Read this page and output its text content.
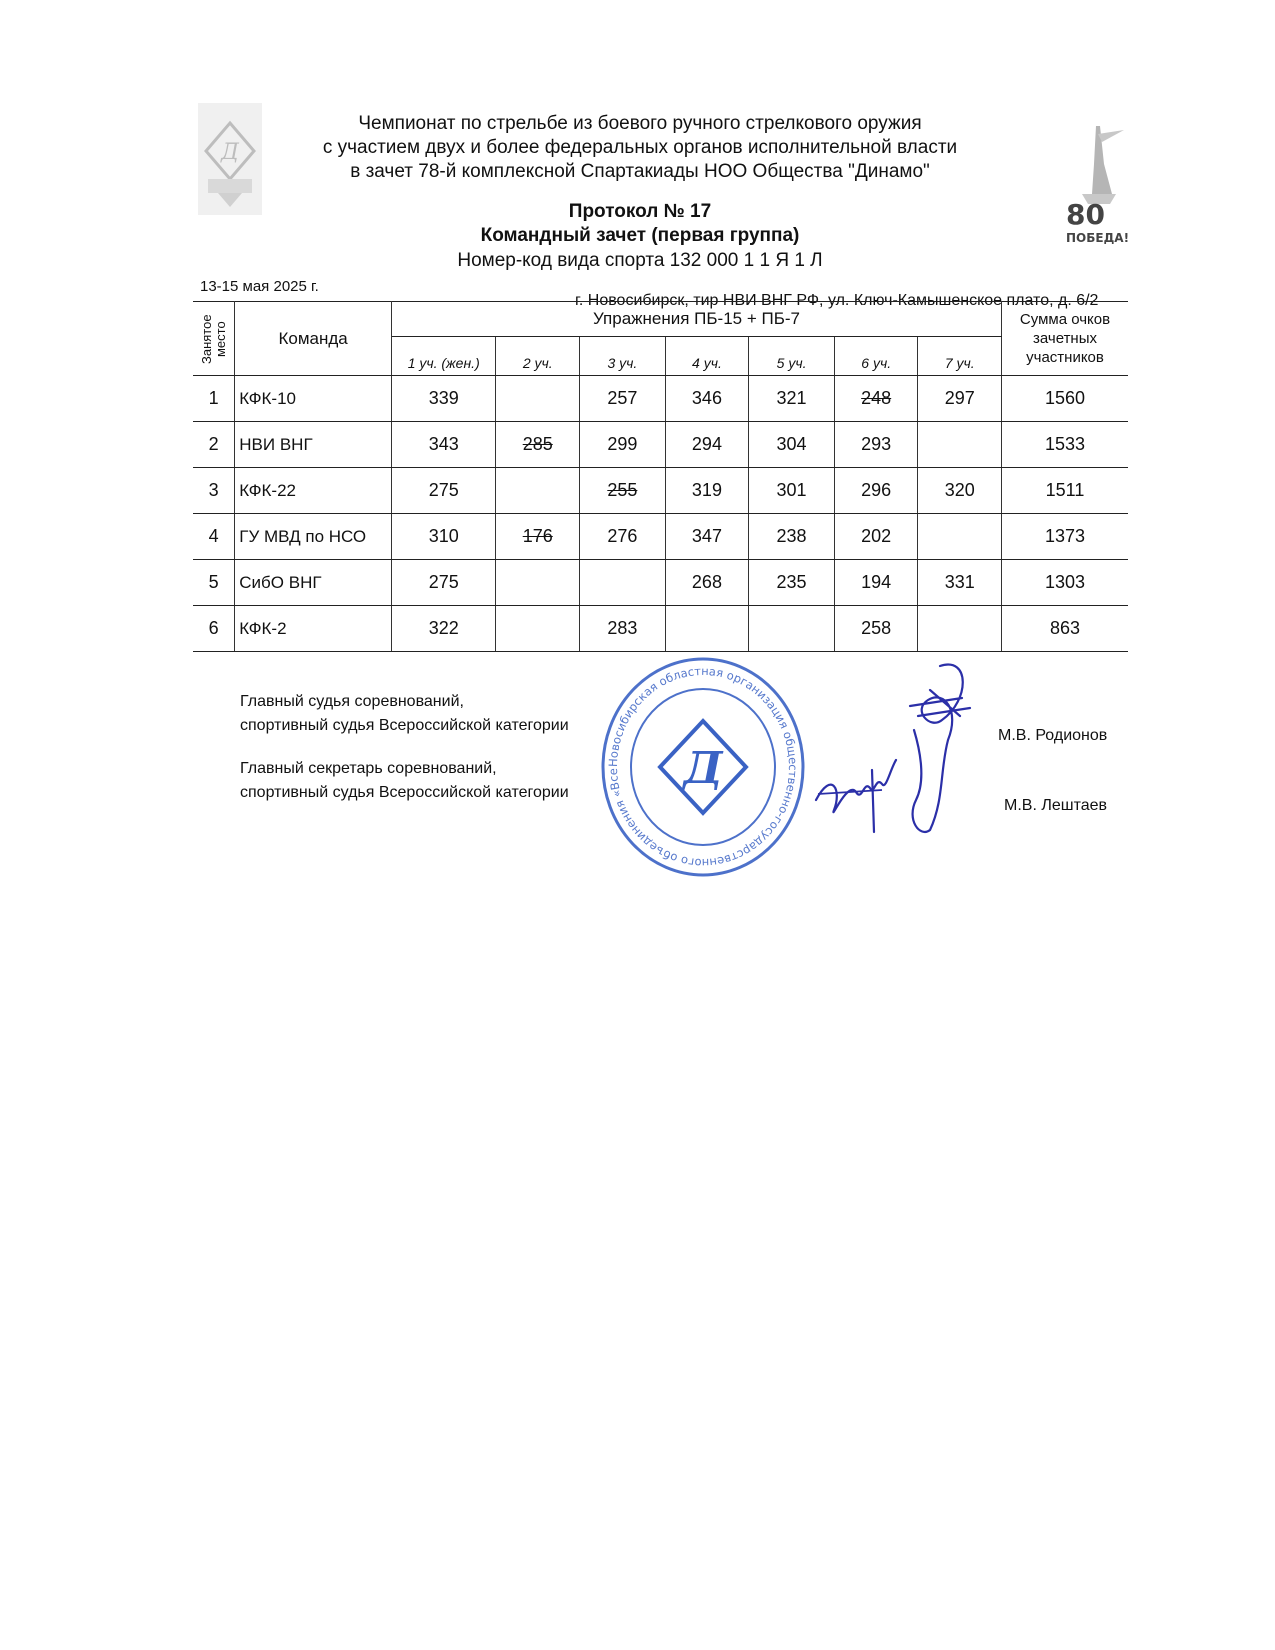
Д
80
ПОБЕДА!
Чемпионат по стрельбе из боевого ручного стрелкового оружия
с участием двух и более федеральных органов исполнительной власти
в зачет 78-й комплексной Спартакиады НОО Общества "Динамо"
Протокол № 17
Командный зачет (первая группа)
Номер-код вида спорта 132 000 1 1 Я 1 Л
13-15 мая 2025 г.
г. Новосибирск, тир НВИ ВНГ РФ, ул. Ключ-Камышенское плато, д. 6/2
Занятое место	Команда	Упражнения ПБ-15 + ПБ-7							Сумма очков зачетных участников
		1 уч. (жен.)	2 уч.	3 уч.	4 уч.	5 уч.	6 уч.	7 уч.	
1	КФК-10	339		257	346	321	248	297	1560
2	НВИ ВНГ	343	285	299	294	304	293		1533
3	КФК-22	275		255	319	301	296	320	1511
4	ГУ МВД по НСО	310	176	276	347	238	202		1373
5	СибО ВНГ	275			268	235	194	331	1303
6	КФК-2	322		283			258		863
Главный судья соревнований,
спортивный судья Всероссийской категории
Главный секретарь соревнований,
спортивный судья Всероссийской категории
М.В. Родионов
М.В. Лештаев
Новосибирская областная организация общественно-государственного объединения «Все	Д
